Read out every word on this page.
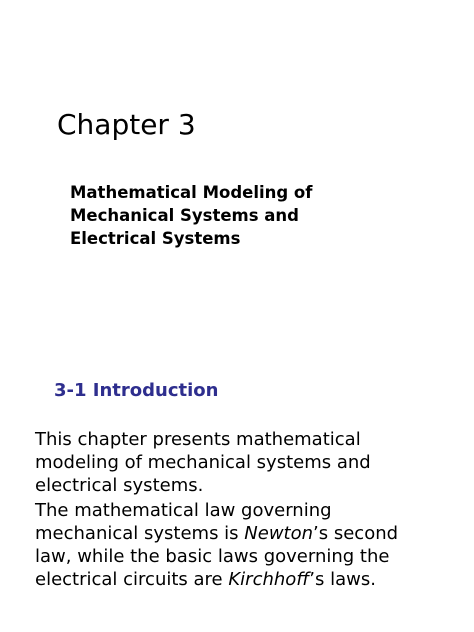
Chapter 3
Mathematical Modeling of
Mechanical Systems and
Electrical Systems
3-1 Introduction

This chapter presents mathematical
modeling of mechanical systems and
electrical systems.

The mathematical law governing
mechanical systems is Newton’s second
law, while the basic laws governing the
electrical circuits are Kirchhoff’s laws.
